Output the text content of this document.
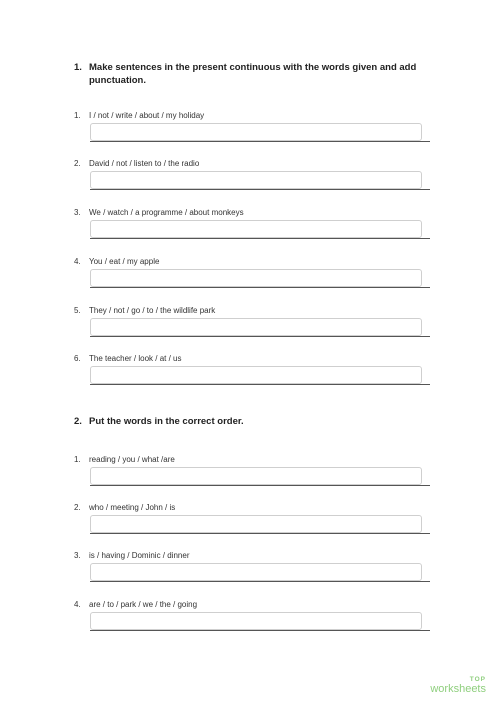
1. Make sentences in the present continuous with the words given and add punctuation.
1. I / not / write / about / my holiday
2. David / not / listen to / the radio
3. We / watch / a programme / about monkeys
4. You / eat / my apple
5. They / not / go / to / the wildlife park
6. The teacher / look / at / us
2. Put the words in the correct order.
1. reading / you / what /are
2. who / meeting / John / is
3. is / having / Dominic / dinner
4. are / to / park / we / the / going
TOP
worksheets
